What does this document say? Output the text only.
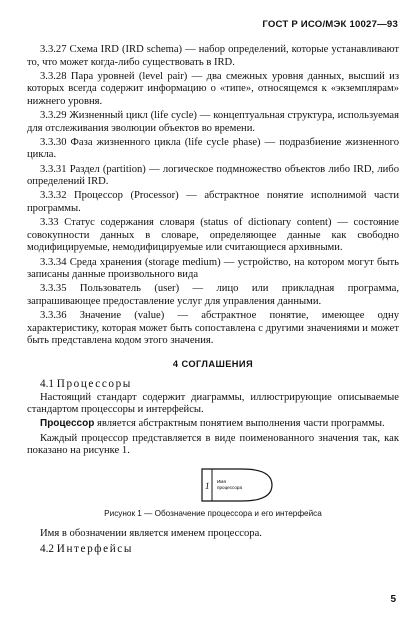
ГОСТ Р ИСО/МЭК 10027—93

3.3.27 Схема IRD (IRD schema) — набор определений, которые устанавливают то, что может когда-либо существовать в IRD.

3.3.28 Пара уровней (level pair) — два смежных уровня данных, высший из которых всегда содержит информацию о «типе», относящемся к «экземплярам» нижнего уровня.

3.3.29 Жизненный цикл (life cycle) — концептуальная структура, используемая для отслеживания эволюции объектов во времени.

3.3.30 Фаза жизненного цикла (life cycle phase) — подразбиение жизненного цикла.

3.3.31 Раздел (partition) — логическое подмножество объектов либо IRD, либо определений IRD.

3.3.32 Процессор (Processor) — абстрактное понятие исполнимой части программы.

3.33 Статус содержания словаря (status of dictionary content) — состояние совокупности данных в словаре, определяющее данные как свободно модифицируемые, немодифицируемые или считающиеся архивными.

3.3.34 Среда хранения (storage medium) — устройство, на котором могут быть записаны данные произвольного вида

3.3.35 Пользователь (user) — лицо или прикладная программа, запрашивающее предоставление услуг для управления данными.

3.3.36 Значение (value) — абстрактное понятие, имеющее одну характеристику, которая может быть сопоставлена с другими значениями и может быть представлена кодом этого значения.

4 СОГЛАШЕНИЯ

4.1 Процессоры

Настоящий стандарт содержит диаграммы, иллюстрирующие описываемые стандартом процессоры и интерфейсы.

Процессор является абстрактным понятием выполнения части программы.

Каждый процессор представляется в виде поименованного значения так, как показано на рисунке 1.

1 Имя
процессора
Рисунок 1 — Обозначение процессора и его интерфейса

Имя в обозначении является именем процессора.

4.2 Интерфейсы

5
